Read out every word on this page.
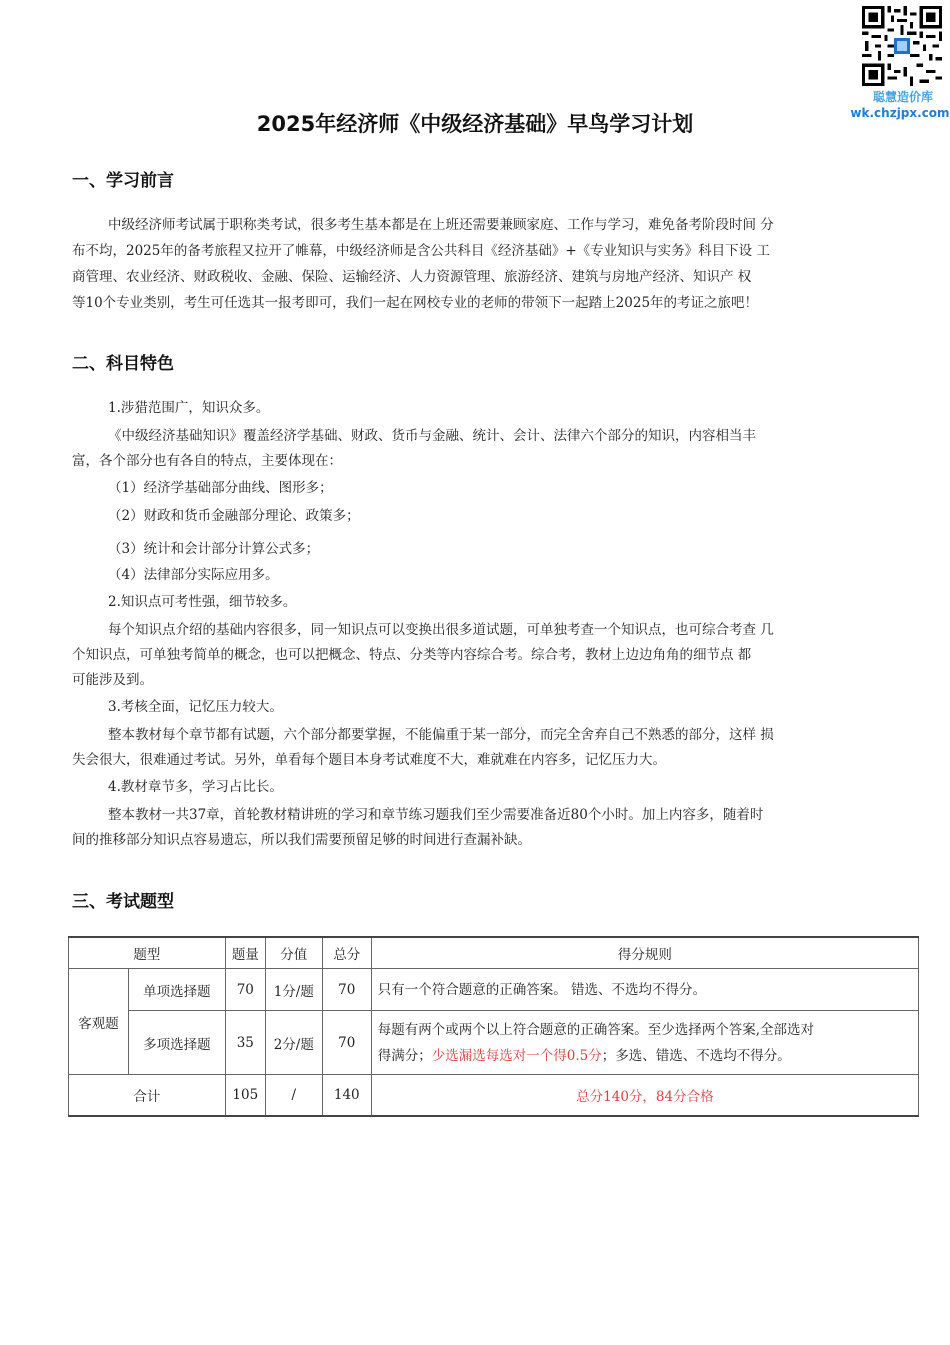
聪慧造价库
wk.chzjpx.com
2025年经济师《中级经济基础》早鸟学习计划
一、学习前言
中级经济师考试属于职称类考试，很多考生基本都是在上班还需要兼顾家庭、工作与学习，难免备考阶段时间 分
布不均，2025年的备考旅程又拉开了帷幕，中级经济师是含公共科目《经济基础》+《专业知识与实务》科目下设 工
商管理、农业经济、财政税收、金融、保险、运输经济、人力资源管理、旅游经济、建筑与房地产经济、知识产 权
等10个专业类别，考生可任选其一报考即可，我们一起在网校专业的老师的带领下一起踏上2025年的考证之旅吧！
二、科目特色
1.涉猎范围广，知识众多。
《中级经济基础知识》覆盖经济学基础、财政、货币与金融、统计、会计、法律六个部分的知识，内容相当丰
富，各个部分也有各自的特点，主要体现在：
（1）经济学基础部分曲线、图形多；
（2）财政和货币金融部分理论、政策多；
（3）统计和会计部分计算公式多；
（4）法律部分实际应用多。
2.知识点可考性强，细节较多。
每个知识点介绍的基础内容很多，同一知识点可以变换出很多道试题，可单独考查一个知识点，也可综合考查 几
个知识点，可单独考简单的概念，也可以把概念、特点、分类等内容综合考。综合考，教材上边边角角的细节点 都
可能涉及到。
3.考核全面，记忆压力较大。
整本教材每个章节都有试题，六个部分都要掌握，不能偏重于某一部分，而完全舍弃自己不熟悉的部分，这样 损
失会很大，很难通过考试。另外，单看每个题目本身考试难度不大，难就难在内容多，记忆压力大。
4.教材章节多，学习占比长。
整本教材一共37章，首轮教材精讲班的学习和章节练习题我们至少需要准备近80个小时。加上内容多，随着时
间的推移部分知识点容易遗忘，所以我们需要预留足够的时间进行查漏补缺。
三、考试题型
题型		题量	分值	总分	得分规则
客观题	单项选择题	70	1分/题	70	只有一个符合题意的正确答案。 错选、不选均不得分。
	多项选择题	35	2分/题	70	每题有两个或两个以上符合题意的正确答案。至少选择两个答案,全部选对
得满分；少选漏选每选对一个得0.5分；多选、错选、不选均不得分。
合计		105	/	140	总分140分，84分合格
